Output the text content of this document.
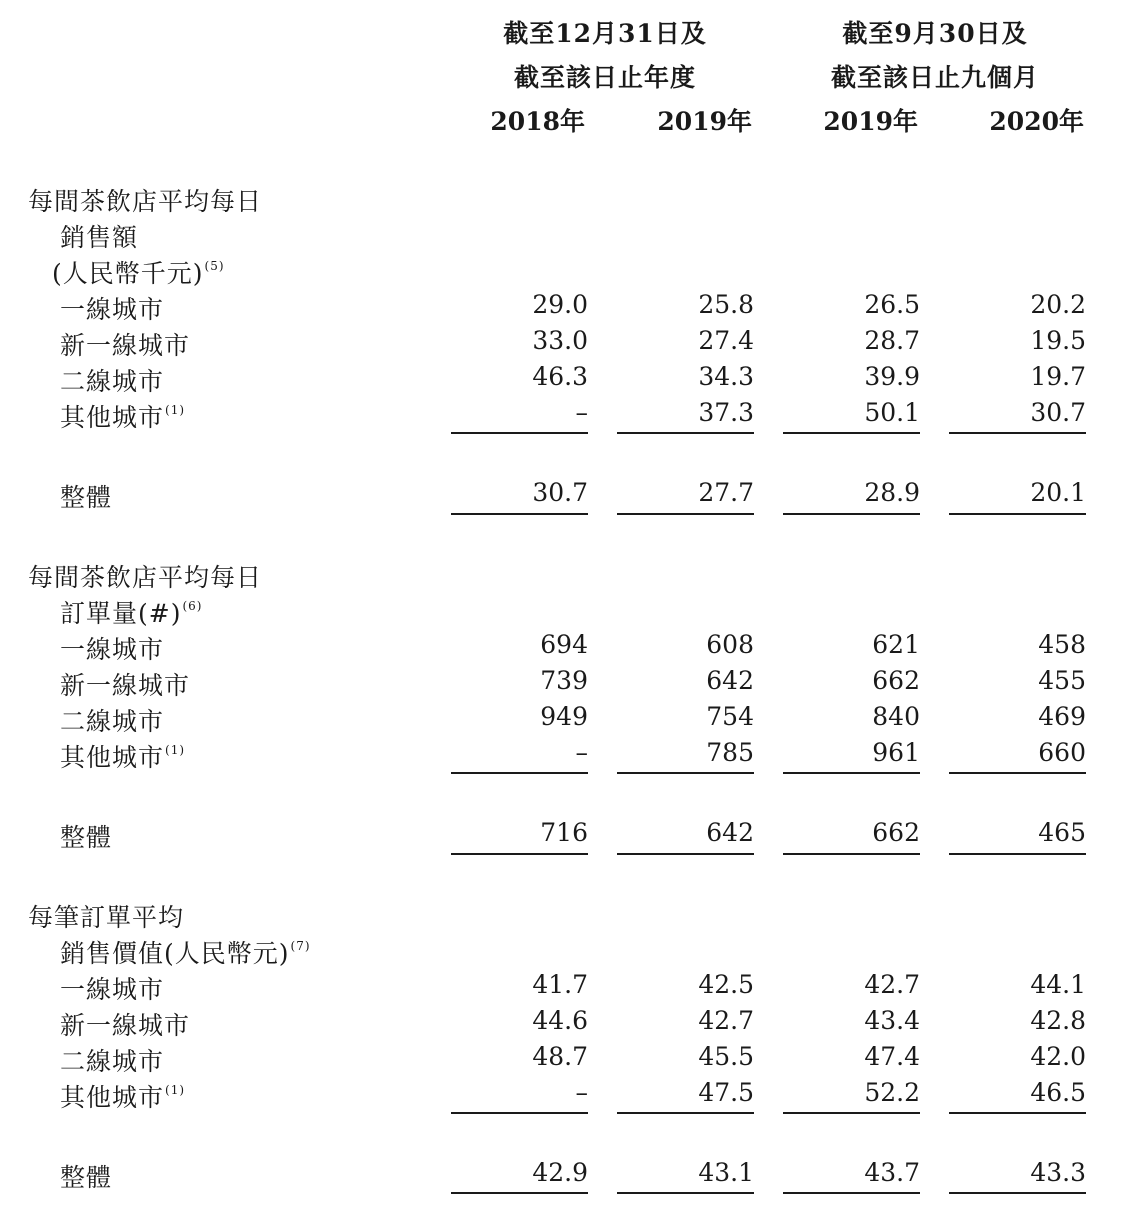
截至12月31日及
截至該日止年度
截至9月30日及
截至該日止九個月
2018年	2019年	2019年	2020年
每間茶飲店平均每日
銷售額
(人民幣千元)$^{(5)}$
一線城市	29.0	25.8	26.5	20.2
新一線城市	33.0	27.4	28.7	19.5
二線城市	46.3	34.3	39.9	19.7
其他城市$^{(1)}$	–	37.3	50.1	30.7
整體	30.7	27.7	28.9	20.1
每間茶飲店平均每日
訂單量(#)$^{(6)}$
一線城市	694	608	621	458
新一線城市	739	642	662	455
二線城市	949	754	840	469
其他城市$^{(1)}$	–	785	961	660
整體	716	642	662	465
每筆訂單平均
銷售價值(人民幣元)$^{(7)}$
一線城市	41.7	42.5	42.7	44.1
新一線城市	44.6	42.7	43.4	42.8
二線城市	48.7	45.5	47.4	42.0
其他城市$^{(1)}$	–	47.5	52.2	46.5
整體	42.9	43.1	43.7	43.3
